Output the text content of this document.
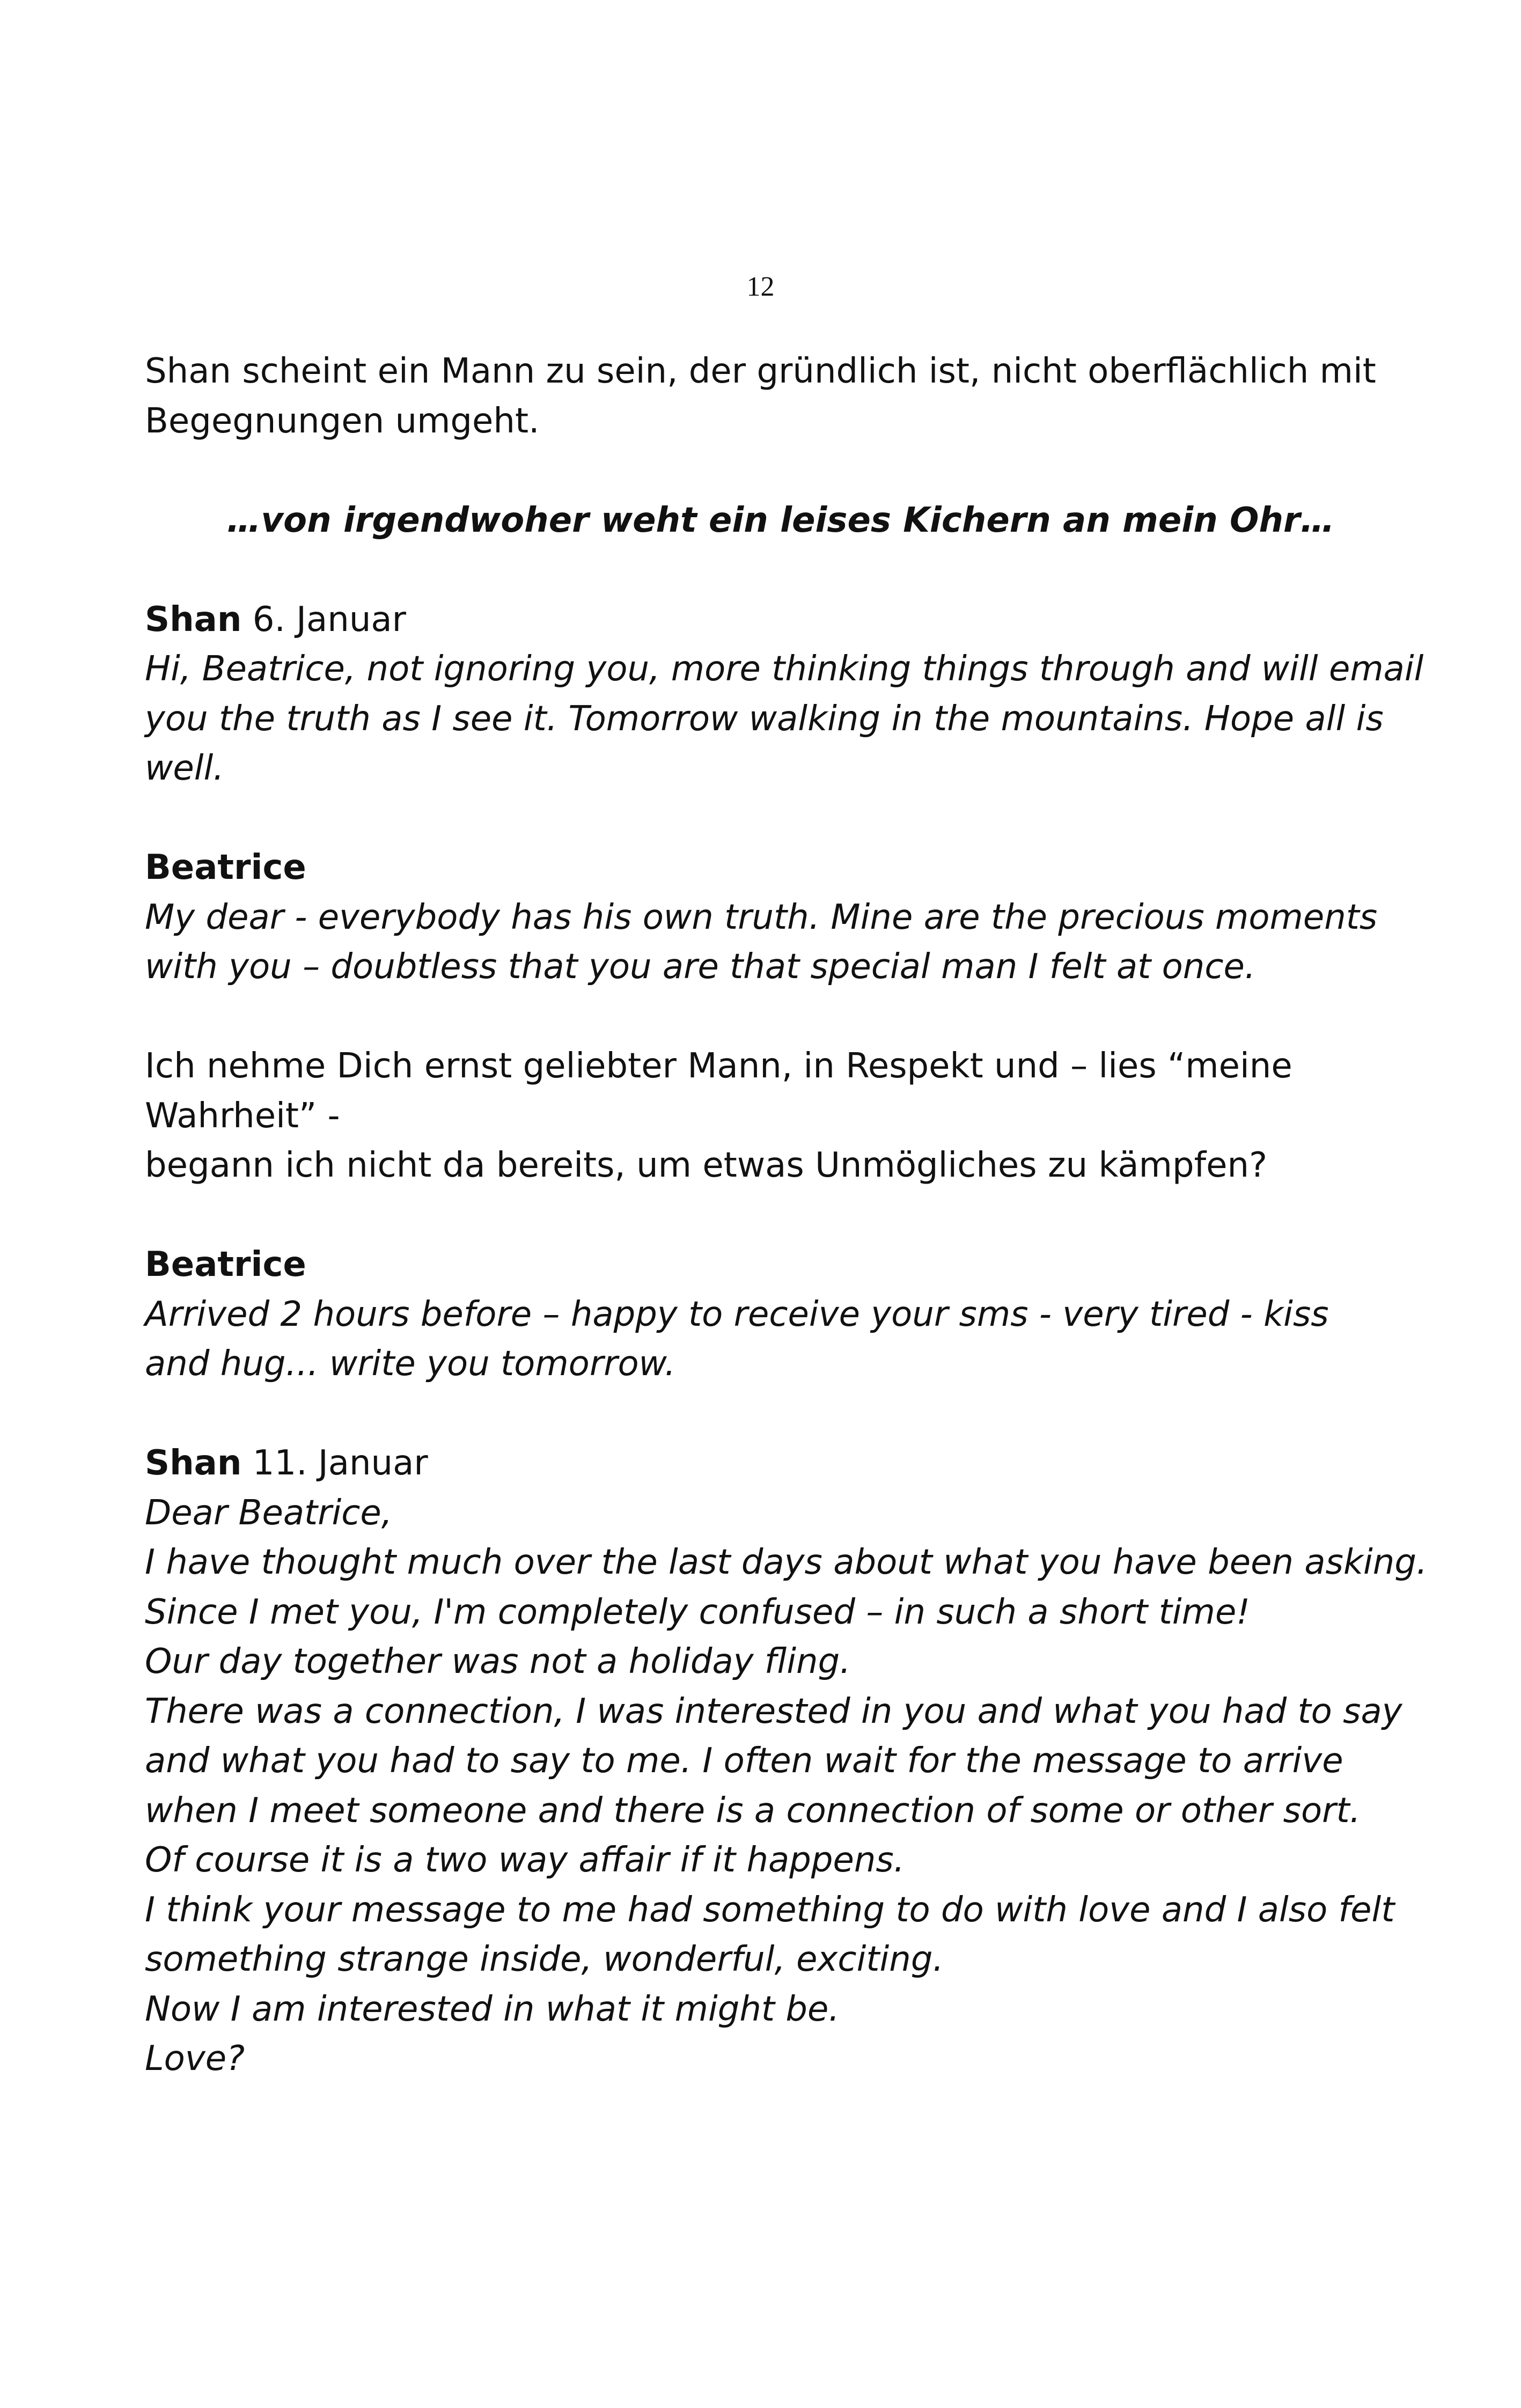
12
Shan scheint ein Mann zu sein, der gründlich ist, nicht oberflächlich mit
Begegnungen umgeht.
…von irgendwoher weht ein leises Kichern an mein Ohr…
Shan 6. Januar
Hi, Beatrice, not ignoring you, more thinking things through and will email
you the truth as I see it. Tomorrow walking in the mountains. Hope all is
well.
Beatrice
My dear - everybody has his own truth. Mine are the precious moments
with you – doubtless that you are that special man I felt at once.
Ich nehme Dich ernst geliebter Mann, in Respekt und – lies “meine
Wahrheit” -
begann ich nicht da bereits, um etwas Unmögliches zu kämpfen?
Beatrice
Arrived 2 hours before – happy to receive your sms - very tired - kiss
and hug... write you tomorrow.
Shan 11. Januar
Dear Beatrice,
I have thought much over the last days about what you have been asking.
Since I met you, I'm completely confused – in such a short time!
Our day together was not a holiday fling.
There was a connection, I was interested in you and what you had to say
and what you had to say to me. I often wait for the message to arrive
when I meet someone and there is a connection of some or other sort.
Of course it is a two way affair if it happens.
I think your message to me had something to do with love and I also felt
something strange inside, wonderful, exciting.
Now I am interested in what it might be.
Love?
